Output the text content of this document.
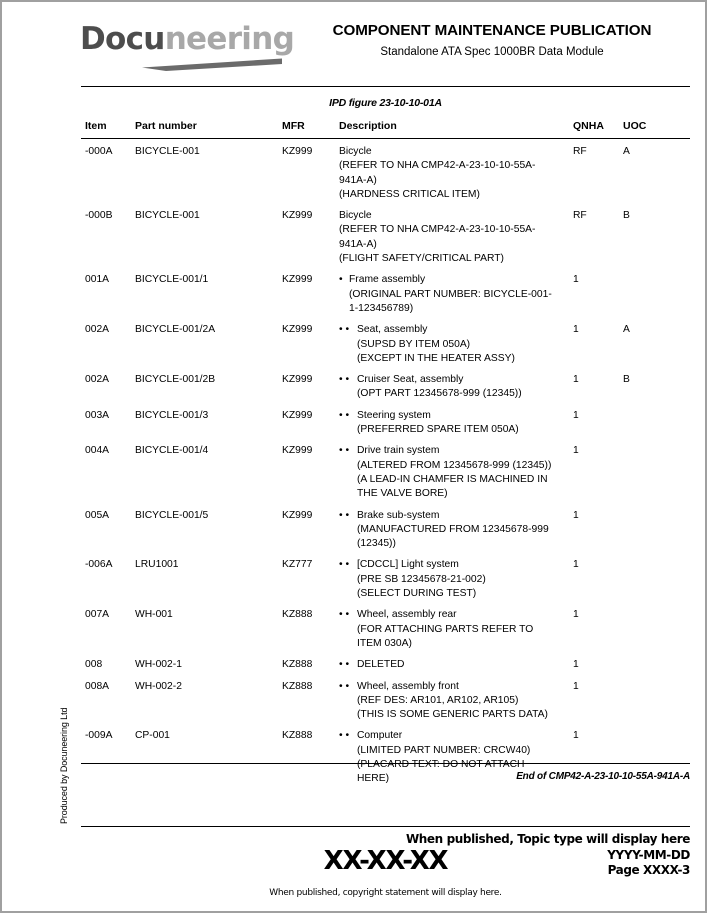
Docuneering	COMPONENT MAINTENANCE PUBLICATION
Standalone ATA Spec 1000BR Data Module
IPD figure 23-10-10-01A
Item	Part number	MFR	Description	QNHA	UOC
-000A	BICYCLE-001	KZ999	Bicycle
(REFER TO NHA CMP42-A-23-10-10-55A-
941A-A)
(HARDNESS CRITICAL ITEM)
RF	A
-000B	BICYCLE-001	KZ999	Bicycle
(REFER TO NHA CMP42-A-23-10-10-55A-
941A-A)
(FLIGHT SAFETY/CRITICAL PART)
RF	B
001A	BICYCLE-001/1	KZ999	• Frame assembly
(ORIGINAL PART NUMBER: BICYCLE-001-
1-123456789)
1
002A	BICYCLE-001/2A	KZ999	• • Seat, assembly
(SUPSD BY ITEM 050A)
(EXCEPT IN THE HEATER ASSY)
1	A
002A	BICYCLE-001/2B	KZ999	• • Cruiser Seat, assembly
(OPT PART 12345678-999 (12345))
1	B
003A	BICYCLE-001/3	KZ999	• • Steering system
(PREFERRED SPARE ITEM 050A)
1
004A	BICYCLE-001/4	KZ999	• • Drive train system
(ALTERED FROM 12345678-999 (12345))
(A LEAD-IN CHAMFER IS MACHINED IN
THE VALVE BORE)
1
005A	BICYCLE-001/5	KZ999	• • Brake sub-system
(MANUFACTURED FROM 12345678-999
(12345))
1
-006A	LRU1001	KZ777	• • [CDCCL] Light system
(PRE SB 12345678-21-002)
(SELECT DURING TEST)
1
007A	WH-001	KZ888	• • Wheel, assembly rear
(FOR ATTACHING PARTS REFER TO
ITEM 030A)
1
008	WH-002-1	KZ888	• • DELETED	1
008A	WH-002-2	KZ888	• • Wheel, assembly front
(REF DES: AR101, AR102, AR105)
(THIS IS SOME GENERIC PARTS DATA)
1
-009A	CP-001	KZ888	• • Computer
(LIMITED PART NUMBER: CRCW40)
(PLACARD TEXT: DO NOT ATTACH
HERE)
1
End of CMP42-A-23-10-10-55A-941A-A
Produced by Docuneering Ltd
When published, Topic type will display here
YYYY-MM-DD
Page XXXX-3
XX-XX-XX
When published, copyright statement will display here.
